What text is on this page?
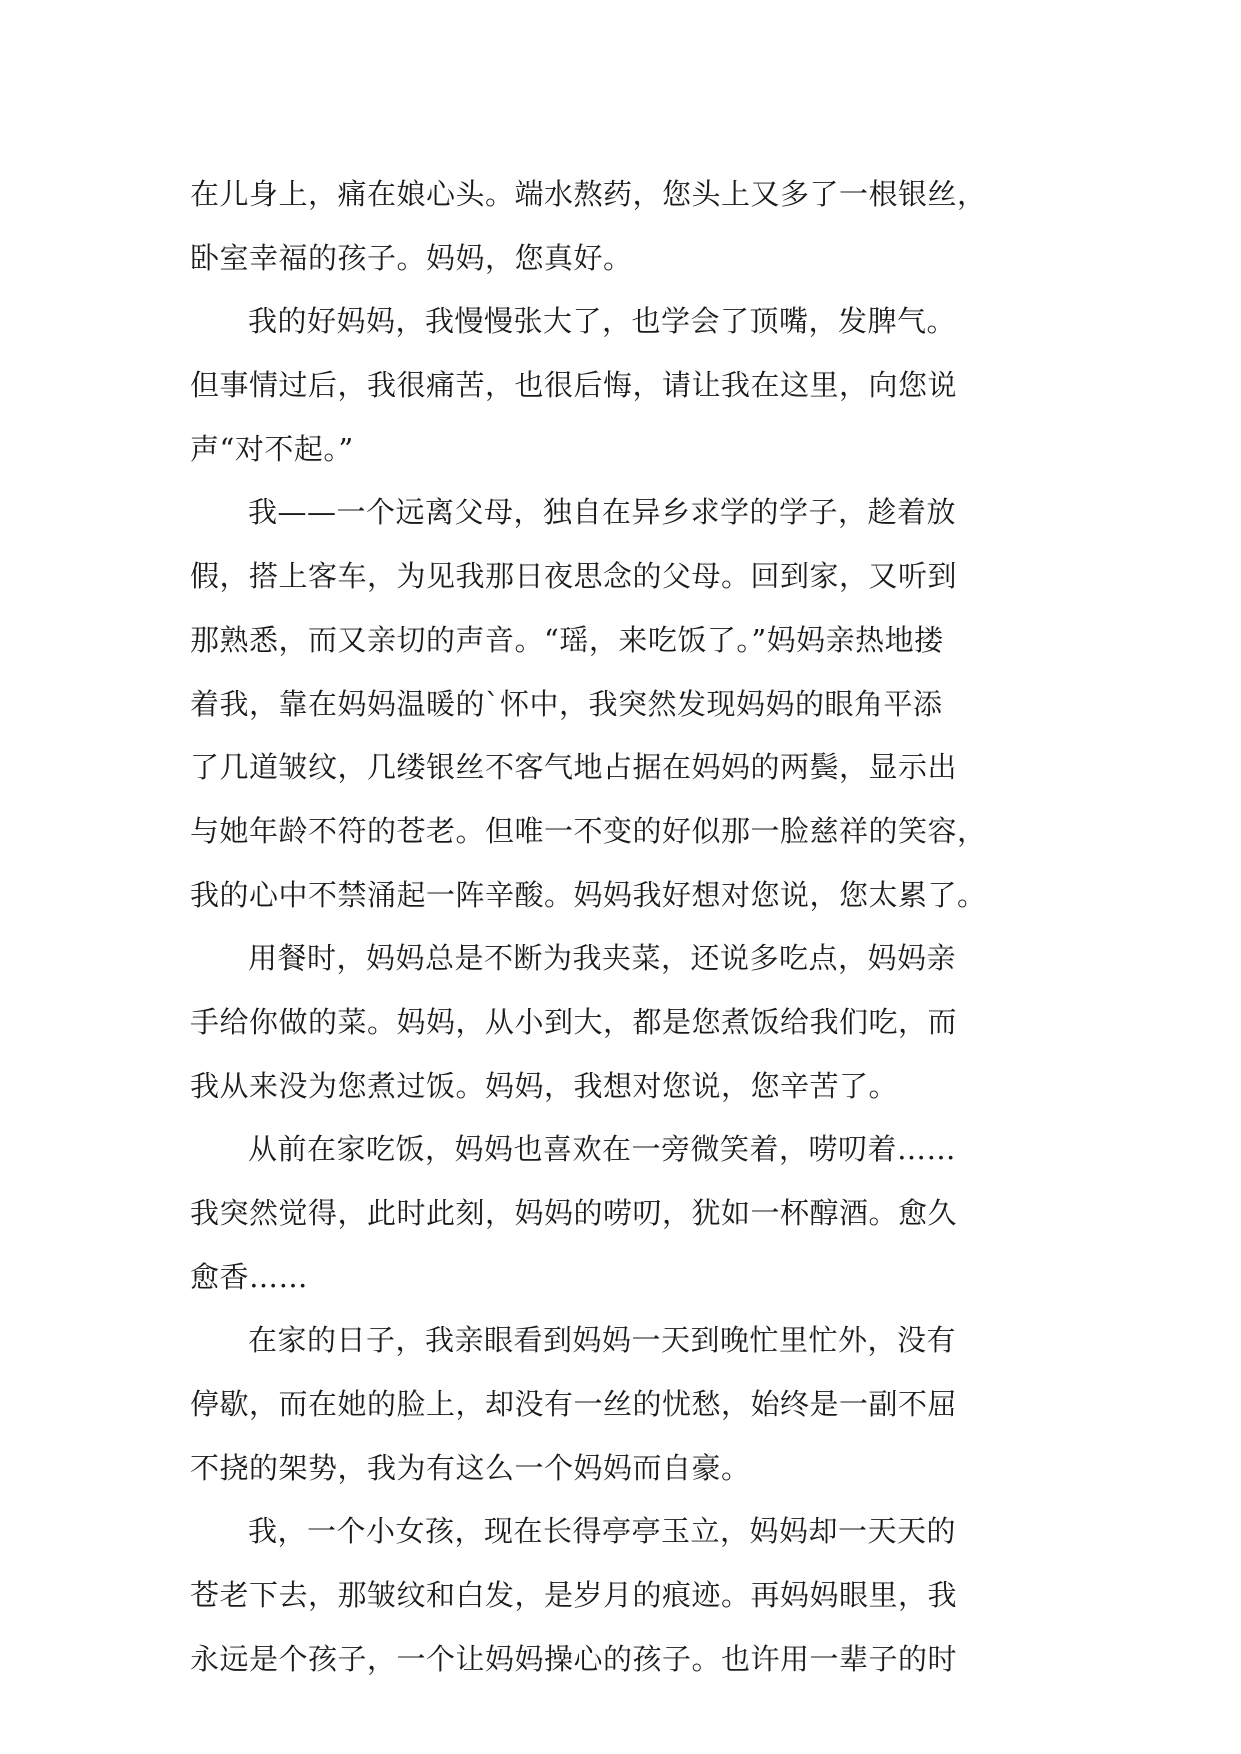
在儿身上，痛在娘心头。端水熬药，您头上又多了一根银丝，
卧室幸福的孩子。妈妈，您真好。
我的好妈妈，我慢慢张大了，也学会了顶嘴，发脾气。
但事情过后，我很痛苦，也很后悔，请让我在这里，向您说
声“对不起。”
我——一个远离父母，独自在异乡求学的学子，趁着放
假，搭上客车，为见我那日夜思念的父母。回到家，又听到
那熟悉，而又亲切的声音。“瑶，来吃饭了。”妈妈亲热地搂
着我，靠在妈妈温暖的`怀中，我突然发现妈妈的眼角平添
了几道皱纹，几缕银丝不客气地占据在妈妈的两鬓，显示出
与她年龄不符的苍老。但唯一不变的好似那一脸慈祥的笑容，
我的心中不禁涌起一阵辛酸。妈妈我好想对您说，您太累了。
用餐时，妈妈总是不断为我夹菜，还说多吃点，妈妈亲
手给你做的菜。妈妈，从小到大，都是您煮饭给我们吃，而
我从来没为您煮过饭。妈妈，我想对您说，您辛苦了。
从前在家吃饭，妈妈也喜欢在一旁微笑着，唠叨着……
我突然觉得，此时此刻，妈妈的唠叨，犹如一杯醇酒。愈久
愈香……
在家的日子，我亲眼看到妈妈一天到晚忙里忙外，没有
停歇，而在她的脸上，却没有一丝的忧愁，始终是一副不屈
不挠的架势，我为有这么一个妈妈而自豪。
我，一个小女孩，现在长得亭亭玉立，妈妈却一天天的
苍老下去，那皱纹和白发，是岁月的痕迹。再妈妈眼里，我
永远是个孩子，一个让妈妈操心的孩子。也许用一辈子的时
